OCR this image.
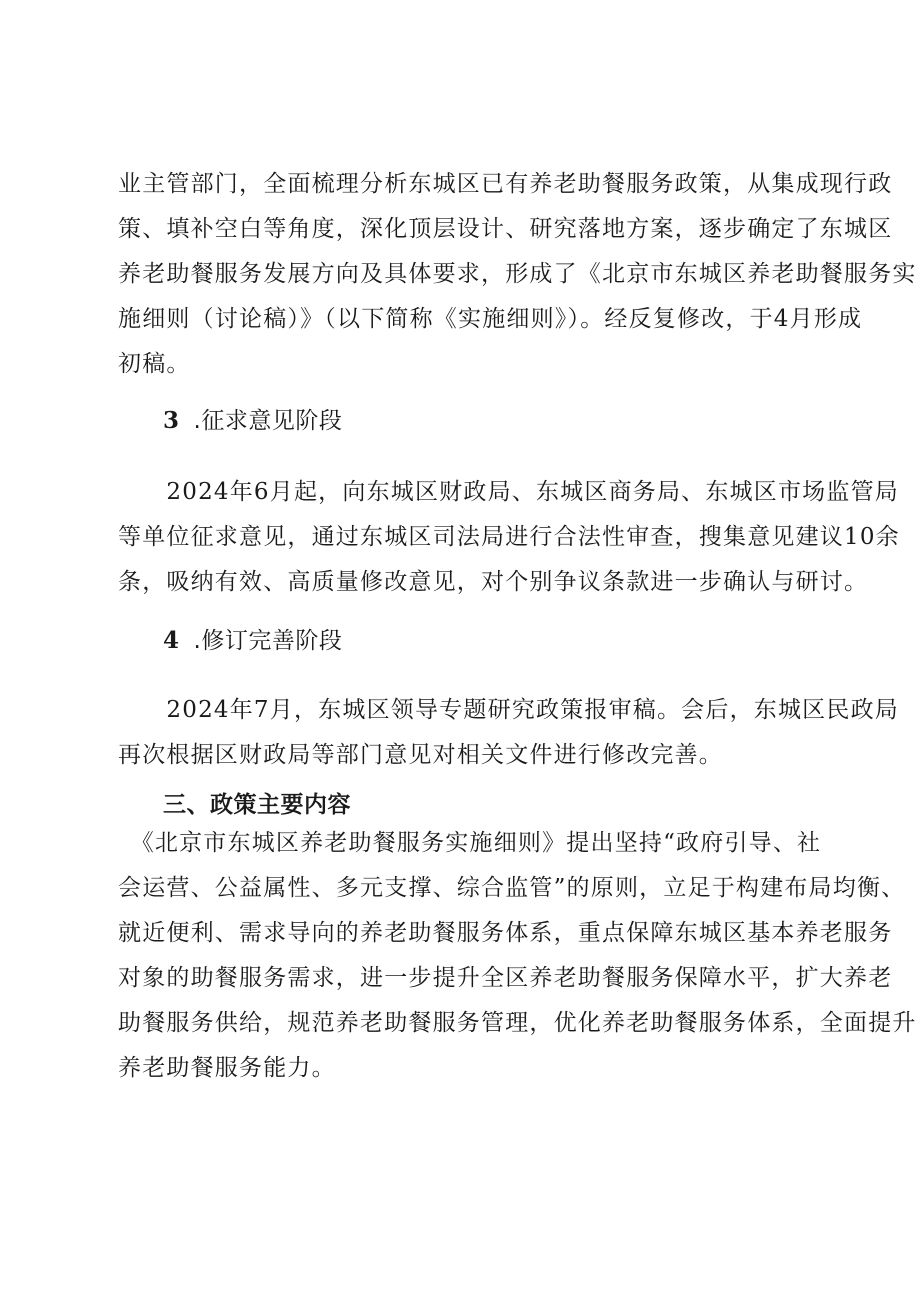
业主管部门，全面梳理分析东城区已有养老助餐服务政策，从集成现行政
策、填补空白等角度，深化顶层设计、研究落地方案，逐步确定了东城区
养老助餐服务发展方向及具体要求，形成了《北京市东城区养老助餐服务实
施细则（讨论稿）》（以下简称《实施细则》）。经反复修改，于4月形成
初稿。
3 .征求意见阶段
　　2024年6月起，向东城区财政局、东城区商务局、东城区市场监管局
等单位征求意见，通过东城区司法局进行合法性审查，搜集意见建议10余
条，吸纳有效、高质量修改意见，对个别争议条款进一步确认与研讨。
4 .修订完善阶段
　　2024年7月，东城区领导专题研究政策报审稿。会后，东城区民政局
再次根据区财政局等部门意见对相关文件进行修改完善。
三、政策主要内容
　《北京市东城区养老助餐服务实施细则》提出坚持“政府引导、社
会运营、公益属性、多元支撑、综合监管”的原则，立足于构建布局均衡、
就近便利、需求导向的养老助餐服务体系，重点保障东城区基本养老服务
对象的助餐服务需求，进一步提升全区养老助餐服务保障水平，扩大养老
助餐服务供给，规范养老助餐服务管理，优化养老助餐服务体系，全面提升
养老助餐服务能力。
